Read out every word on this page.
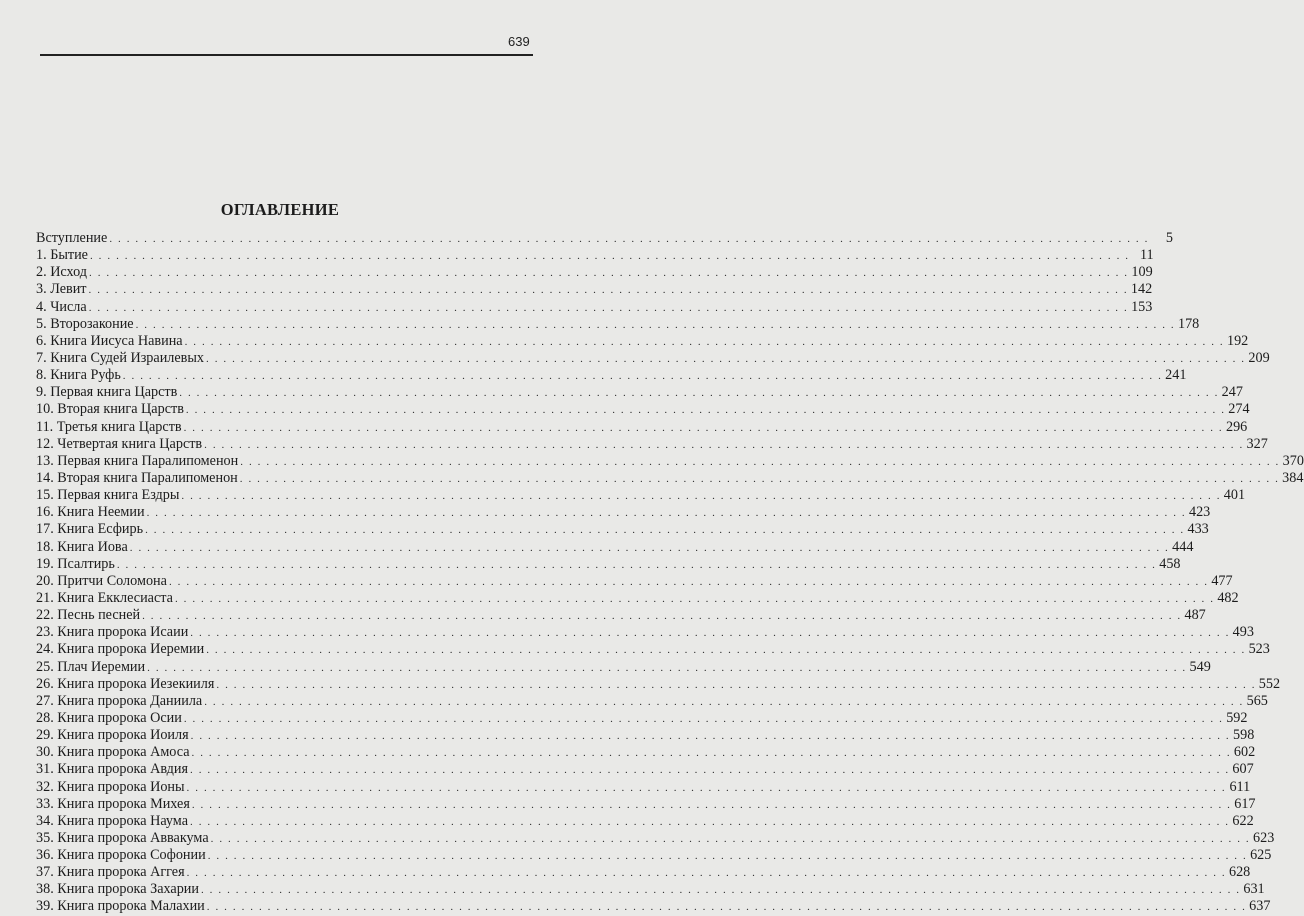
639
ОГЛАВЛЕНИЕ
Вступление . . . . . . . . . . . . . . . . . . . . . . . . . . . . . . . . . . . . . . . . . . . . . . . . . . . . . . . . . . . . . . . . . . . . . . . . . . . . . . . . . . . . . . . . . . . . . . . . . . . . . . . . . . . . . . . . . . . . . . . .	5
1. Бытие . . . . . . . . . . . . . . . . . . . . . . . . . . . . . . . . . . . . . . . . . . . . . . . . . . . . . . . . . . . . . . . . . . . . . . . . . . . . . . . . . . . . . . . . . . . . . . . . . . . . . . . . . . . . . . . . . . . . . . . . 11
2. Исход . . . . . . . . . . . . . . . . . . . . . . . . . . . . . . . . . . . . . . . . . . . . . . . . . . . . . . . . . . . . . . . . . . . . . . . . . . . . . . . . . . . . . . . . . . . . . . . . . . . . . . . . . . . . . . . . . . . . . . . . 109
3. Левит . . . . . . . . . . . . . . . . . . . . . . . . . . . . . . . . . . . . . . . . . . . . . . . . . . . . . . . . . . . . . . . . . . . . . . . . . . . . . . . . . . . . . . . . . . . . . . . . . . . . . . . . . . . . . . . . . . . . . . . . 142
4. Числа . . . . . . . . . . . . . . . . . . . . . . . . . . . . . . . . . . . . . . . . . . . . . . . . . . . . . . . . . . . . . . . . . . . . . . . . . . . . . . . . . . . . . . . . . . . . . . . . . . . . . . . . . . . . . . . . . . . . . . . . 153
5. Второзаконие . . . . . . . . . . . . . . . . . . . . . . . . . . . . . . . . . . . . . . . . . . . . . . . . . . . . . . . . . . . . . . . . . . . . . . . . . . . . . . . . . . . . . . . . . . . . . . . . . . . . . . . . . . . . . . . . . . . . . . . . 178
6. Книга Иисуса Навина . . . . . . . . . . . . . . . . . . . . . . . . . . . . . . . . . . . . . . . . . . . . . . . . . . . . . . . . . . . . . . . . . . . . . . . . . . . . . . . . . . . . . . . . . . . . . . . . . . . . . . . . . . . . . . . . . . . . . . . . 192
7. Книга Судей Израилевых . . . . . . . . . . . . . . . . . . . . . . . . . . . . . . . . . . . . . . . . . . . . . . . . . . . . . . . . . . . . . . . . . . . . . . . . . . . . . . . . . . . . . . . . . . . . . . . . . . . . . . . . . . . . . . . . . . . . . . . . 209
8. Книга Руфь . . . . . . . . . . . . . . . . . . . . . . . . . . . . . . . . . . . . . . . . . . . . . . . . . . . . . . . . . . . . . . . . . . . . . . . . . . . . . . . . . . . . . . . . . . . . . . . . . . . . . . . . . . . . . . . . . . . . . . . . 241
9. Первая книга Царств . . . . . . . . . . . . . . . . . . . . . . . . . . . . . . . . . . . . . . . . . . . . . . . . . . . . . . . . . . . . . . . . . . . . . . . . . . . . . . . . . . . . . . . . . . . . . . . . . . . . . . . . . . . . . . . . . . . . . . . . 247
10. Вторая книга Царств . . . . . . . . . . . . . . . . . . . . . . . . . . . . . . . . . . . . . . . . . . . . . . . . . . . . . . . . . . . . . . . . . . . . . . . . . . . . . . . . . . . . . . . . . . . . . . . . . . . . . . . . . . . . . . . . . . . . . . . . 274
11. Третья книга Царств . . . . . . . . . . . . . . . . . . . . . . . . . . . . . . . . . . . . . . . . . . . . . . . . . . . . . . . . . . . . . . . . . . . . . . . . . . . . . . . . . . . . . . . . . . . . . . . . . . . . . . . . . . . . . . . . . . . . . . . . 296
12. Четвертая книга Царств . . . . . . . . . . . . . . . . . . . . . . . . . . . . . . . . . . . . . . . . . . . . . . . . . . . . . . . . . . . . . . . . . . . . . . . . . . . . . . . . . . . . . . . . . . . . . . . . . . . . . . . . . . . . . . . . . . . . . . . . 327
13. Первая книга Паралипоменон . . . . . . . . . . . . . . . . . . . . . . . . . . . . . . . . . . . . . . . . . . . . . . . . . . . . . . . . . . . . . . . . . . . . . . . . . . . . . . . . . . . . . . . . . . . . . . . . . . . . . . . . . . . . . . . . . . . . . . . . 370
14. Вторая книга Паралипоменон . . . . . . . . . . . . . . . . . . . . . . . . . . . . . . . . . . . . . . . . . . . . . . . . . . . . . . . . . . . . . . . . . . . . . . . . . . . . . . . . . . . . . . . . . . . . . . . . . . . . . . . . . . . . . . . . . . . . . . . . 384
15. Первая книга Ездры . . . . . . . . . . . . . . . . . . . . . . . . . . . . . . . . . . . . . . . . . . . . . . . . . . . . . . . . . . . . . . . . . . . . . . . . . . . . . . . . . . . . . . . . . . . . . . . . . . . . . . . . . . . . . . . . . . . . . . . . 401
16. Книга Неемии . . . . . . . . . . . . . . . . . . . . . . . . . . . . . . . . . . . . . . . . . . . . . . . . . . . . . . . . . . . . . . . . . . . . . . . . . . . . . . . . . . . . . . . . . . . . . . . . . . . . . . . . . . . . . . . . . . . . . . . . 423
17. Книга Есфирь . . . . . . . . . . . . . . . . . . . . . . . . . . . . . . . . . . . . . . . . . . . . . . . . . . . . . . . . . . . . . . . . . . . . . . . . . . . . . . . . . . . . . . . . . . . . . . . . . . . . . . . . . . . . . . . . . . . . . . . . 433
18. Книга Иова . . . . . . . . . . . . . . . . . . . . . . . . . . . . . . . . . . . . . . . . . . . . . . . . . . . . . . . . . . . . . . . . . . . . . . . . . . . . . . . . . . . . . . . . . . . . . . . . . . . . . . . . . . . . . . . . . . . . . . . . 444
19. Псалтирь . . . . . . . . . . . . . . . . . . . . . . . . . . . . . . . . . . . . . . . . . . . . . . . . . . . . . . . . . . . . . . . . . . . . . . . . . . . . . . . . . . . . . . . . . . . . . . . . . . . . . . . . . . . . . . . . . . . . . . . . 458
20. Притчи Соломона . . . . . . . . . . . . . . . . . . . . . . . . . . . . . . . . . . . . . . . . . . . . . . . . . . . . . . . . . . . . . . . . . . . . . . . . . . . . . . . . . . . . . . . . . . . . . . . . . . . . . . . . . . . . . . . . . . . . . . . . 477
21. Книга Екклесиаста . . . . . . . . . . . . . . . . . . . . . . . . . . . . . . . . . . . . . . . . . . . . . . . . . . . . . . . . . . . . . . . . . . . . . . . . . . . . . . . . . . . . . . . . . . . . . . . . . . . . . . . . . . . . . . . . . . . . . . . . 482
22. Песнь песней . . . . . . . . . . . . . . . . . . . . . . . . . . . . . . . . . . . . . . . . . . . . . . . . . . . . . . . . . . . . . . . . . . . . . . . . . . . . . . . . . . . . . . . . . . . . . . . . . . . . . . . . . . . . . . . . . . . . . . . . 487
23. Книга пророка Исаии . . . . . . . . . . . . . . . . . . . . . . . . . . . . . . . . . . . . . . . . . . . . . . . . . . . . . . . . . . . . . . . . . . . . . . . . . . . . . . . . . . . . . . . . . . . . . . . . . . . . . . . . . . . . . . . . . . . . . . . . 493
24. Книга пророка Иеремии . . . . . . . . . . . . . . . . . . . . . . . . . . . . . . . . . . . . . . . . . . . . . . . . . . . . . . . . . . . . . . . . . . . . . . . . . . . . . . . . . . . . . . . . . . . . . . . . . . . . . . . . . . . . . . . . . . . . . . . . 523
25. Плач Иеремии . . . . . . . . . . . . . . . . . . . . . . . . . . . . . . . . . . . . . . . . . . . . . . . . . . . . . . . . . . . . . . . . . . . . . . . . . . . . . . . . . . . . . . . . . . . . . . . . . . . . . . . . . . . . . . . . . . . . . . . . 549
26. Книга пророка Иезекииля . . . . . . . . . . . . . . . . . . . . . . . . . . . . . . . . . . . . . . . . . . . . . . . . . . . . . . . . . . . . . . . . . . . . . . . . . . . . . . . . . . . . . . . . . . . . . . . . . . . . . . . . . . . . . . . . . . . . . . . . 552
27. Книга пророка Даниила . . . . . . . . . . . . . . . . . . . . . . . . . . . . . . . . . . . . . . . . . . . . . . . . . . . . . . . . . . . . . . . . . . . . . . . . . . . . . . . . . . . . . . . . . . . . . . . . . . . . . . . . . . . . . . . . . . . . . . . . 565
28. Книга пророка Осии . . . . . . . . . . . . . . . . . . . . . . . . . . . . . . . . . . . . . . . . . . . . . . . . . . . . . . . . . . . . . . . . . . . . . . . . . . . . . . . . . . . . . . . . . . . . . . . . . . . . . . . . . . . . . . . . . . . . . . . . 592
29. Книга пророка Иоиля . . . . . . . . . . . . . . . . . . . . . . . . . . . . . . . . . . . . . . . . . . . . . . . . . . . . . . . . . . . . . . . . . . . . . . . . . . . . . . . . . . . . . . . . . . . . . . . . . . . . . . . . . . . . . . . . . . . . . . . . 598
30. Книга пророка Амоса . . . . . . . . . . . . . . . . . . . . . . . . . . . . . . . . . . . . . . . . . . . . . . . . . . . . . . . . . . . . . . . . . . . . . . . . . . . . . . . . . . . . . . . . . . . . . . . . . . . . . . . . . . . . . . . . . . . . . . . . 602
31. Книга пророка Авдия . . . . . . . . . . . . . . . . . . . . . . . . . . . . . . . . . . . . . . . . . . . . . . . . . . . . . . . . . . . . . . . . . . . . . . . . . . . . . . . . . . . . . . . . . . . . . . . . . . . . . . . . . . . . . . . . . . . . . . . . 607
32. Книга пророка Ионы . . . . . . . . . . . . . . . . . . . . . . . . . . . . . . . . . . . . . . . . . . . . . . . . . . . . . . . . . . . . . . . . . . . . . . . . . . . . . . . . . . . . . . . . . . . . . . . . . . . . . . . . . . . . . . . . . . . . . . . . 611
33. Книга пророка Михея . . . . . . . . . . . . . . . . . . . . . . . . . . . . . . . . . . . . . . . . . . . . . . . . . . . . . . . . . . . . . . . . . . . . . . . . . . . . . . . . . . . . . . . . . . . . . . . . . . . . . . . . . . . . . . . . . . . . . . . . 617
34. Книга пророка Наума . . . . . . . . . . . . . . . . . . . . . . . . . . . . . . . . . . . . . . . . . . . . . . . . . . . . . . . . . . . . . . . . . . . . . . . . . . . . . . . . . . . . . . . . . . . . . . . . . . . . . . . . . . . . . . . . . . . . . . . . 622
35. Книга пророка Аввакума . . . . . . . . . . . . . . . . . . . . . . . . . . . . . . . . . . . . . . . . . . . . . . . . . . . . . . . . . . . . . . . . . . . . . . . . . . . . . . . . . . . . . . . . . . . . . . . . . . . . . . . . . . . . . . . . . . . . . . . . 623
36. Книга пророка Софонии . . . . . . . . . . . . . . . . . . . . . . . . . . . . . . . . . . . . . . . . . . . . . . . . . . . . . . . . . . . . . . . . . . . . . . . . . . . . . . . . . . . . . . . . . . . . . . . . . . . . . . . . . . . . . . . . . . . . . . . . 625
37. Книга пророка Аггея . . . . . . . . . . . . . . . . . . . . . . . . . . . . . . . . . . . . . . . . . . . . . . . . . . . . . . . . . . . . . . . . . . . . . . . . . . . . . . . . . . . . . . . . . . . . . . . . . . . . . . . . . . . . . . . . . . . . . . . . 628
38. Книга пророка Захарии . . . . . . . . . . . . . . . . . . . . . . . . . . . . . . . . . . . . . . . . . . . . . . . . . . . . . . . . . . . . . . . . . . . . . . . . . . . . . . . . . . . . . . . . . . . . . . . . . . . . . . . . . . . . . . . . . . . . . . . . 631
39. Книга пророка Малахии . . . . . . . . . . . . . . . . . . . . . . . . . . . . . . . . . . . . . . . . . . . . . . . . . . . . . . . . . . . . . . . . . . . . . . . . . . . . . . . . . . . . . . . . . . . . . . . . . . . . . . . . . . . . . . . . . . . . . . . . 637
